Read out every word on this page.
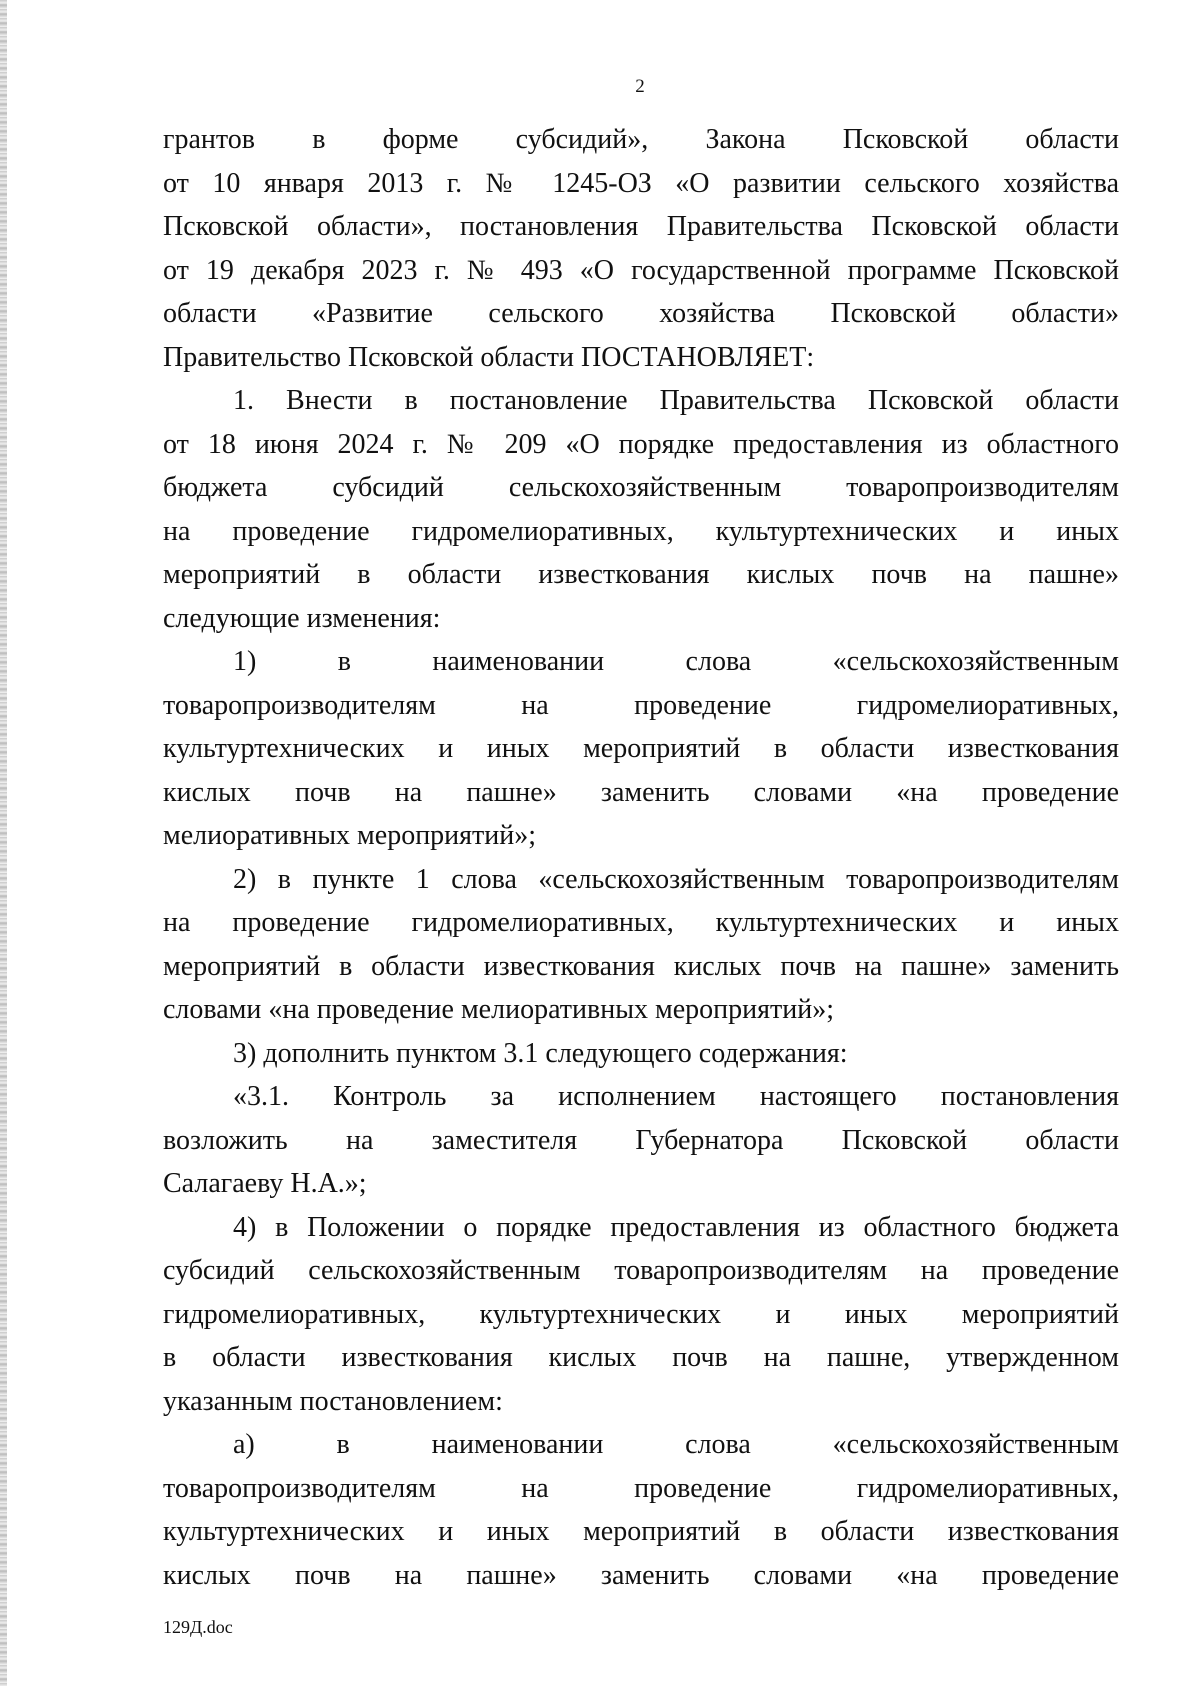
2
грантов в форме субсидий», Закона Псковской области
от 10 января 2013 г. № 1245-ОЗ «О развитии сельского хозяйства
Псковской области», постановления Правительства Псковской области
от 19 декабря 2023 г. № 493 «О государственной программе Псковской
области «Развитие сельского хозяйства Псковской области»
Правительство Псковской области ПОСТАНОВЛЯЕТ:
1. Внести в постановление Правительства Псковской области
от 18 июня 2024 г. № 209 «О порядке предоставления из областного
бюджета субсидий сельскохозяйственным товаропроизводителям
на проведение гидромелиоративных, культуртехнических и иных
мероприятий в области известкования кислых почв на пашне»
следующие изменения:
1) в наименовании слова «сельскохозяйственным
товаропроизводителям на проведение гидромелиоративных,
культуртехнических и иных мероприятий в области известкования
кислых почв на пашне» заменить словами «на проведение
мелиоративных мероприятий»;
2) в пункте 1 слова «сельскохозяйственным товаропроизводителям
на проведение гидромелиоративных, культуртехнических и иных
мероприятий в области известкования кислых почв на пашне» заменить
словами «на проведение мелиоративных мероприятий»;
3) дополнить пунктом 3.1 следующего содержания:
«3.1. Контроль за исполнением настоящего постановления
возложить на заместителя Губернатора Псковской области
Салагаеву Н.А.»;
4) в Положении о порядке предоставления из областного бюджета
субсидий сельскохозяйственным товаропроизводителям на проведение
гидромелиоративных, культуртехнических и иных мероприятий
в области известкования кислых почв на пашне, утвержденном
указанным постановлением:
а) в наименовании слова «сельскохозяйственным
товаропроизводителям на проведение гидромелиоративных,
культуртехнических и иных мероприятий в области известкования
кислых почв на пашне» заменить словами «на проведение
129Д.doc
